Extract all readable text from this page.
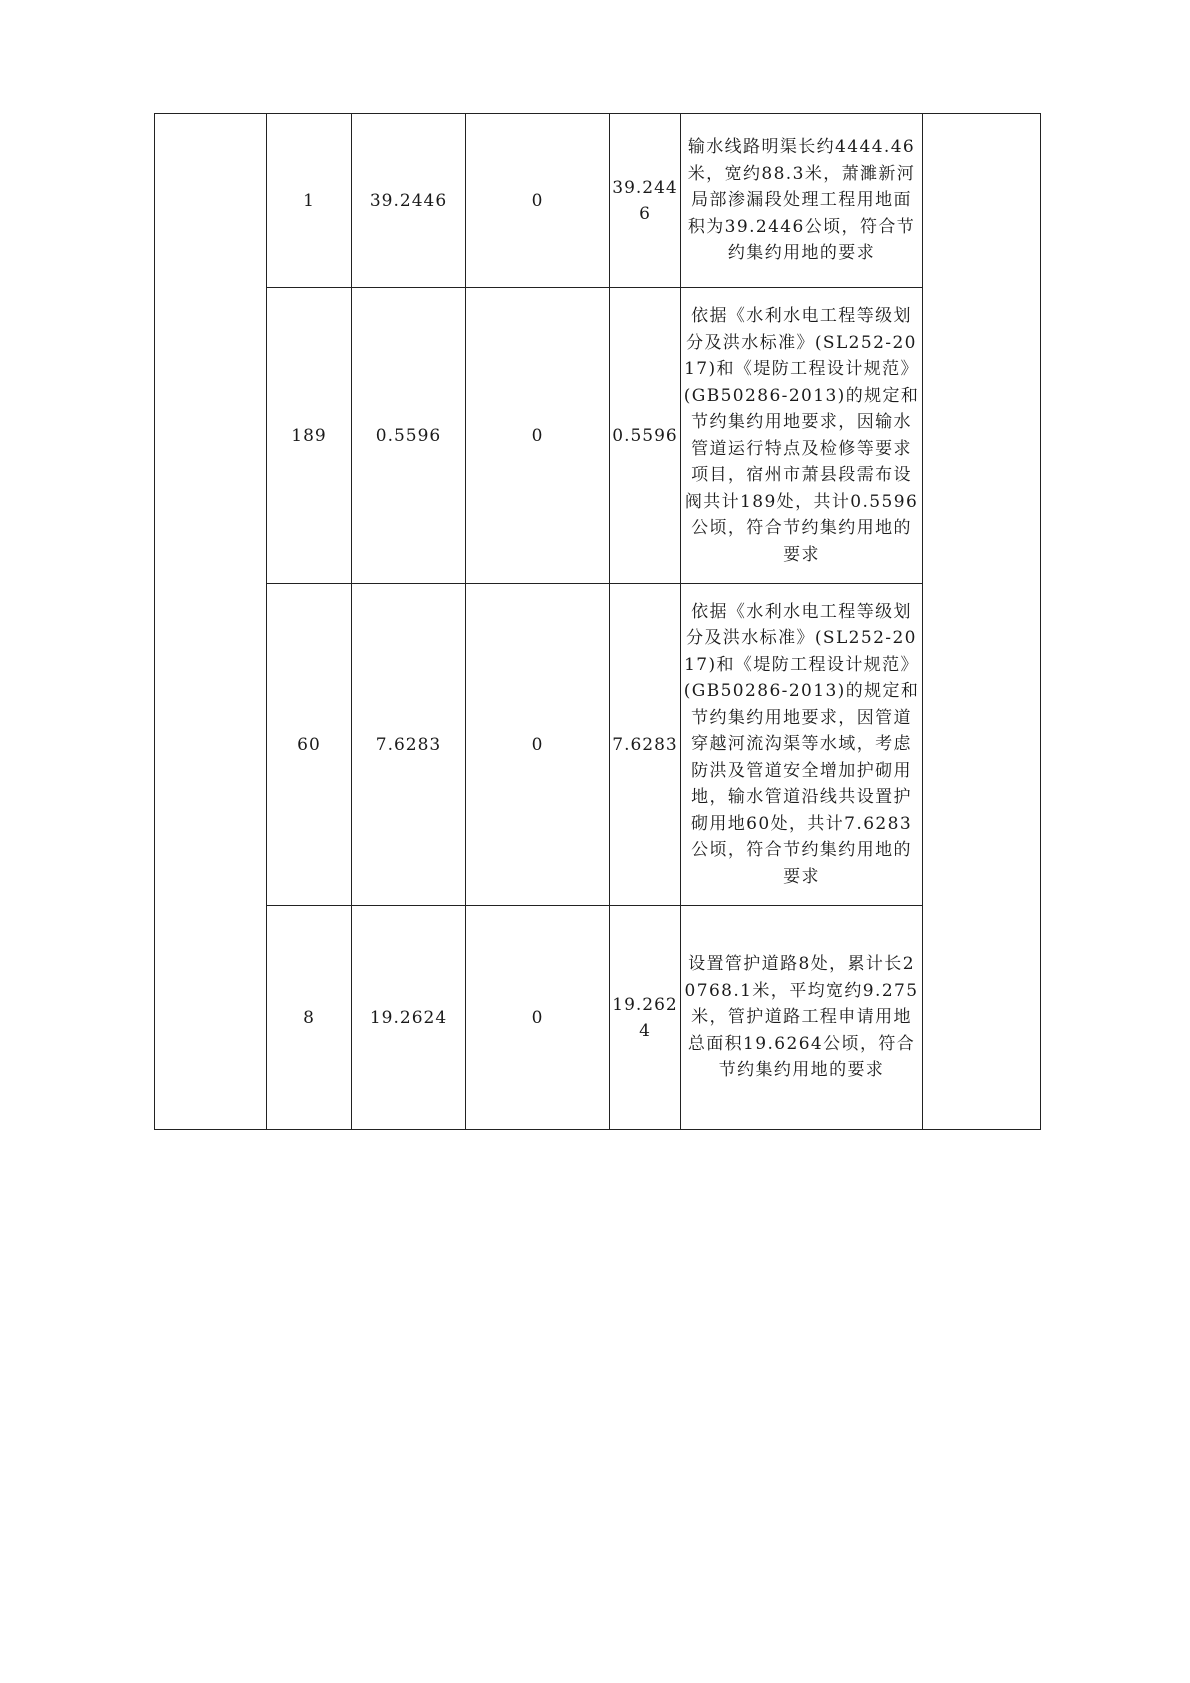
	1	39.2446	0	39.2446	输水线路明渠长约4444.46米，宽约88.3米，萧濉新河局部渗漏段处理工程用地面积为39.2446公顷，符合节约集约用地的要求	
	189	0.5596	0	0.5596	依据《水利水电工程等级划分及洪水标准》(SL252-2017)和《堤防工程设计规范》(GB50286-2013)的规定和节约集约用地要求，因输水管道运行特点及检修等要求项目，宿州市萧县段需布设阀共计189处，共计0.5596公顷，符合节约集约用地的要求	
	60	7.6283	0	7.6283	依据《水利水电工程等级划分及洪水标准》(SL252-2017)和《堤防工程设计规范》(GB50286-2013)的规定和节约集约用地要求，因管道穿越河流沟渠等水域，考虑防洪及管道安全增加护砌用地，输水管道沿线共设置护砌用地60处，共计7.6283公顷，符合节约集约用地的要求	
	8	19.2624	0	19.2624	设置管护道路8处，累计长20768.1米，平均宽约9.275米，管护道路工程申请用地总面积19.6264公顷，符合节约集约用地的要求	
